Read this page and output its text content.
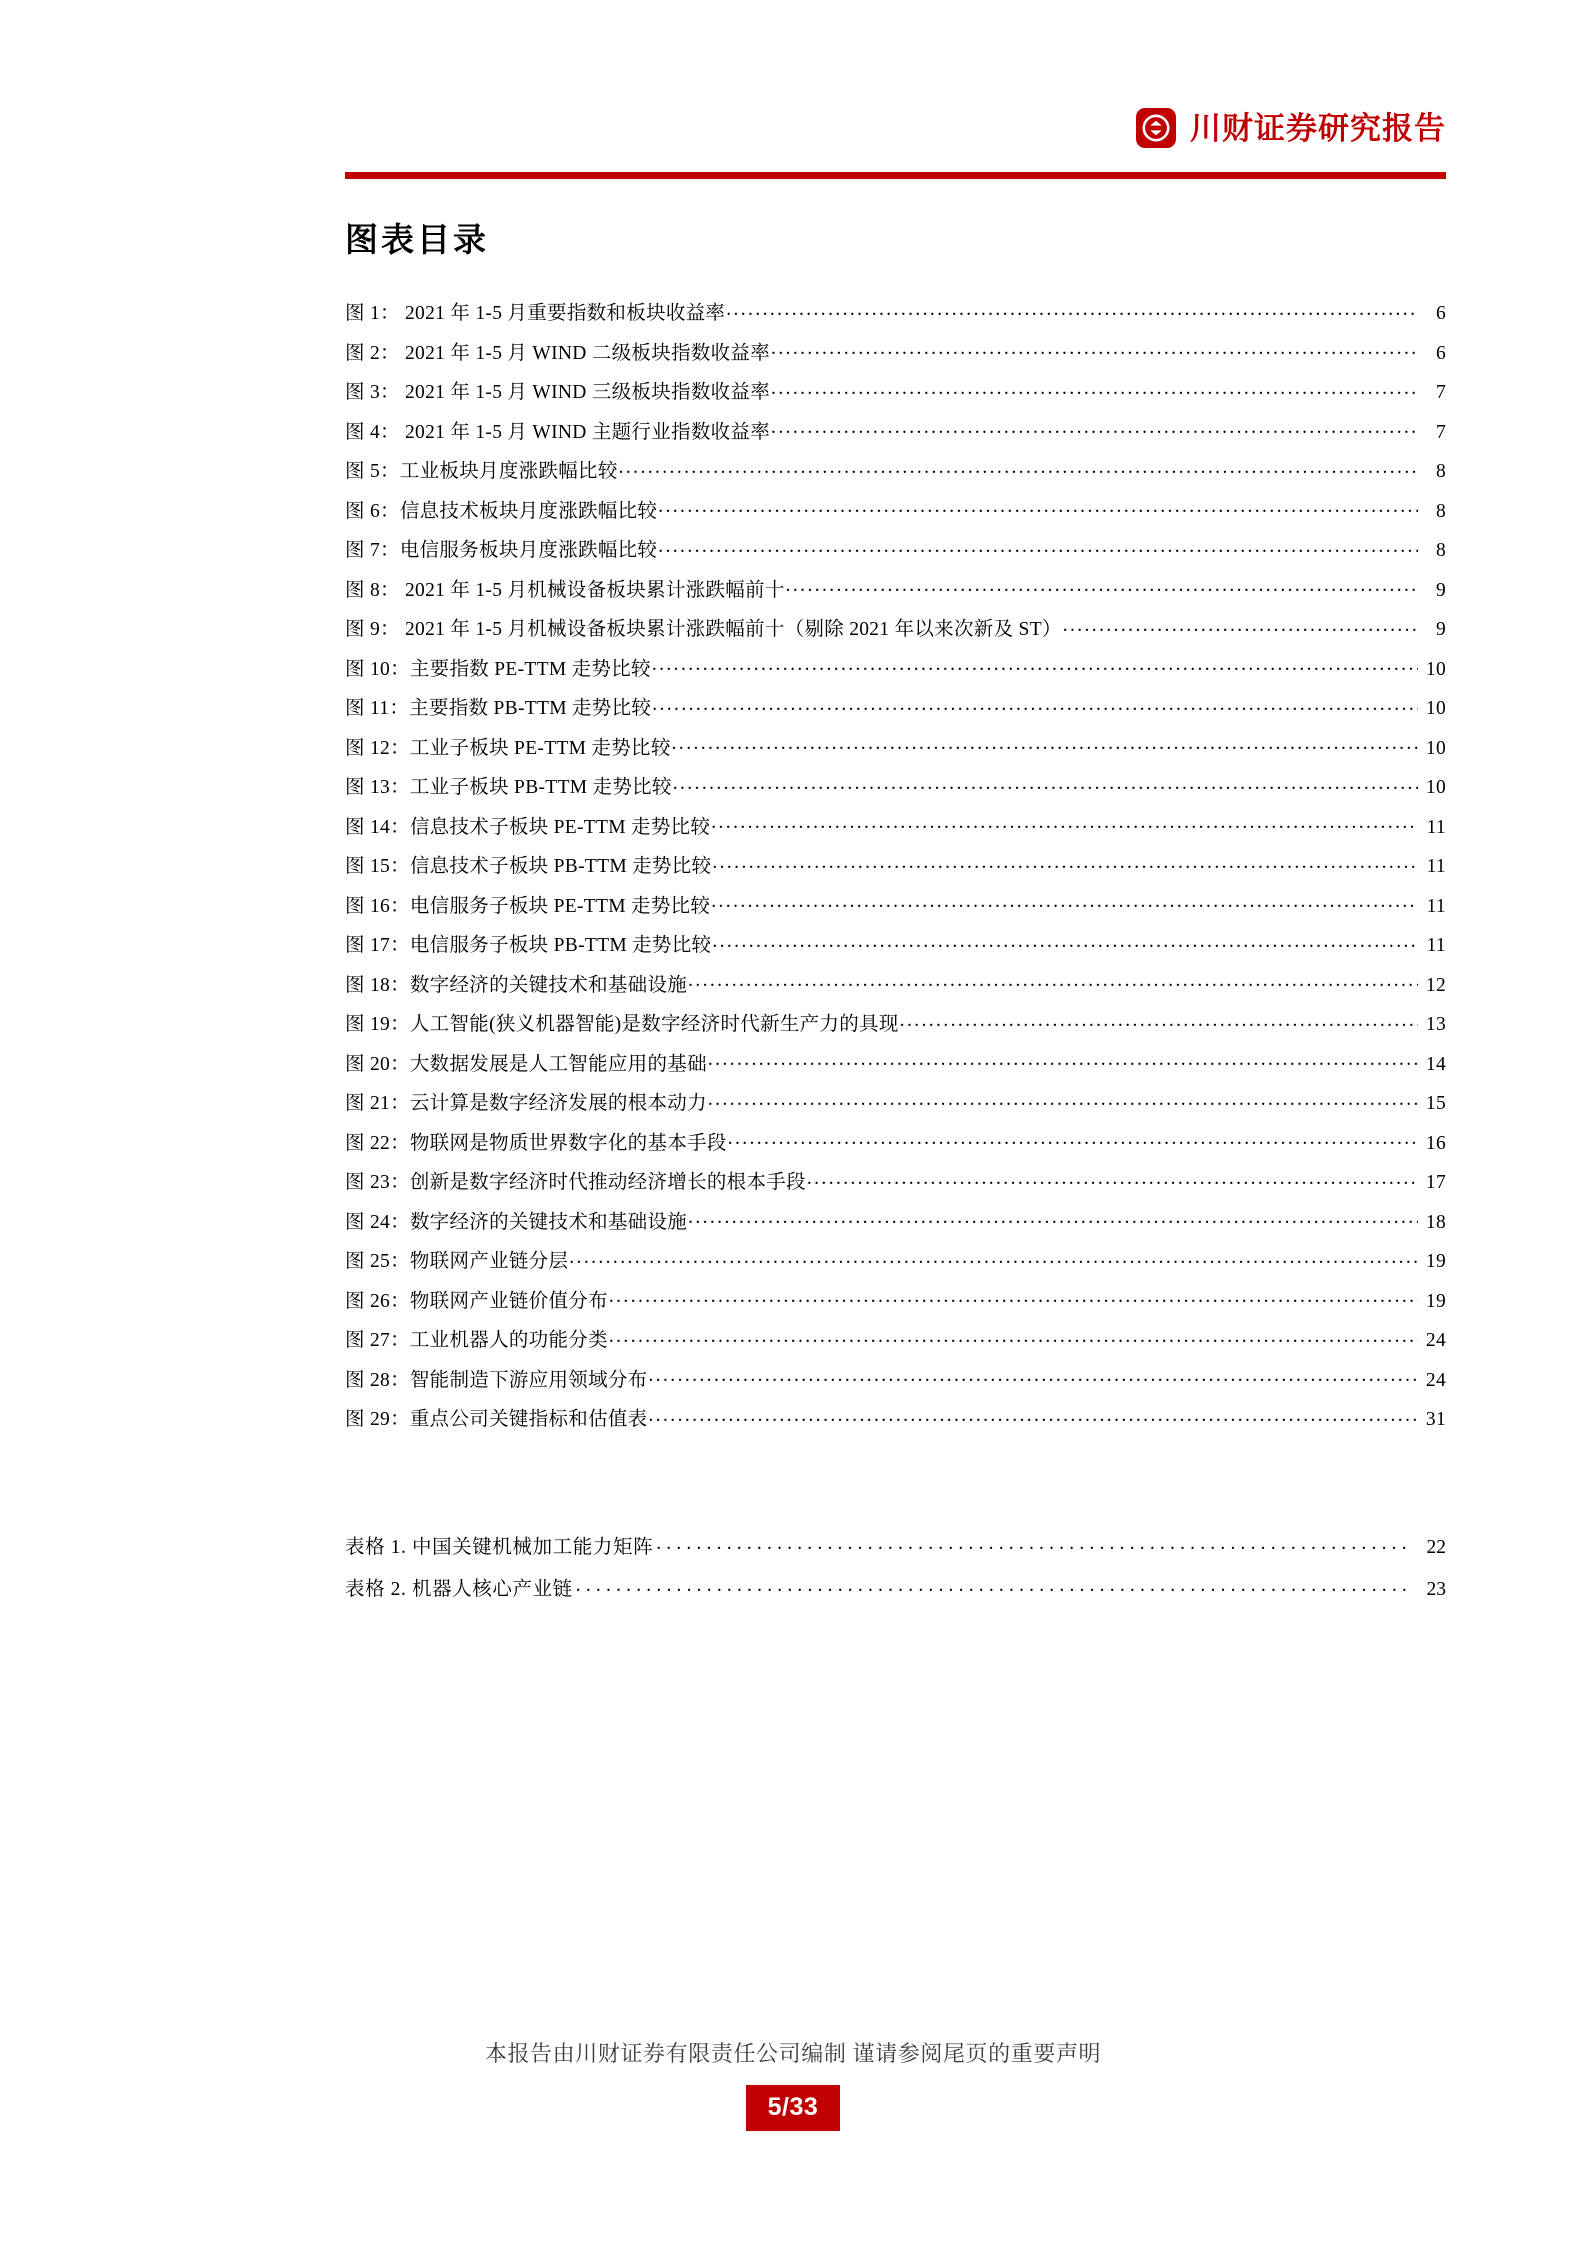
川财证券研究报告
图表目录
图 1： 2021 年 1-5 月重要指数和板块收益率 .....	6
图 2： 2021 年 1-5 月 WIND 二级板块指数收益率 .....	6
图 3： 2021 年 1-5 月 WIND 三级板块指数收益率 .....	7
图 4： 2021 年 1-5 月 WIND 主题行业指数收益率 .....	7
图 5：工业板块月度涨跌幅比较 .....	8
图 6：信息技术板块月度涨跌幅比较 .....	8
图 7：电信服务板块月度涨跌幅比较 .....	8
图 8： 2021 年 1-5 月机械设备板块累计涨跌幅前十 .....	9
图 9： 2021 年 1-5 月机械设备板块累计涨跌幅前十（剔除 2021 年以来次新及 ST） .....	9
图 10：主要指数 PE-TTM 走势比较 .....	10
图 11：主要指数 PB-TTM 走势比较 .....	10
图 12：工业子板块 PE-TTM 走势比较 .....	10
图 13：工业子板块 PB-TTM 走势比较 .....	10
图 14：信息技术子板块 PE-TTM 走势比较 .....	11
图 15：信息技术子板块 PB-TTM 走势比较 .....	11
图 16：电信服务子板块 PE-TTM 走势比较 .....	11
图 17：电信服务子板块 PB-TTM 走势比较 .....	11
图 18：数字经济的关键技术和基础设施 .....	12
图 19：人工智能(狭义机器智能)是数字经济时代新生产力的具现 .....	13
图 20：大数据发展是人工智能应用的基础 .....	14
图 21：云计算是数字经济发展的根本动力 .....	15
图 22：物联网是物质世界数字化的基本手段 .....	16
图 23：创新是数字经济时代推动经济增长的根本手段 .....	17
图 24：数字经济的关键技术和基础设施 .....	18
图 25：物联网产业链分层 .....	19
图 26：物联网产业链价值分布 .....	19
图 27：工业机器人的功能分类 .....	24
图 28：智能制造下游应用领域分布 .....	24
图 29：重点公司关键指标和估值表 .....	31
表格 1. 中国关键机械加工能力矩阵 .....	22
表格 2. 机器人核心产业链 .....	23
本报告由川财证券有限责任公司编制 谨请参阅尾页的重要声明
5/33
